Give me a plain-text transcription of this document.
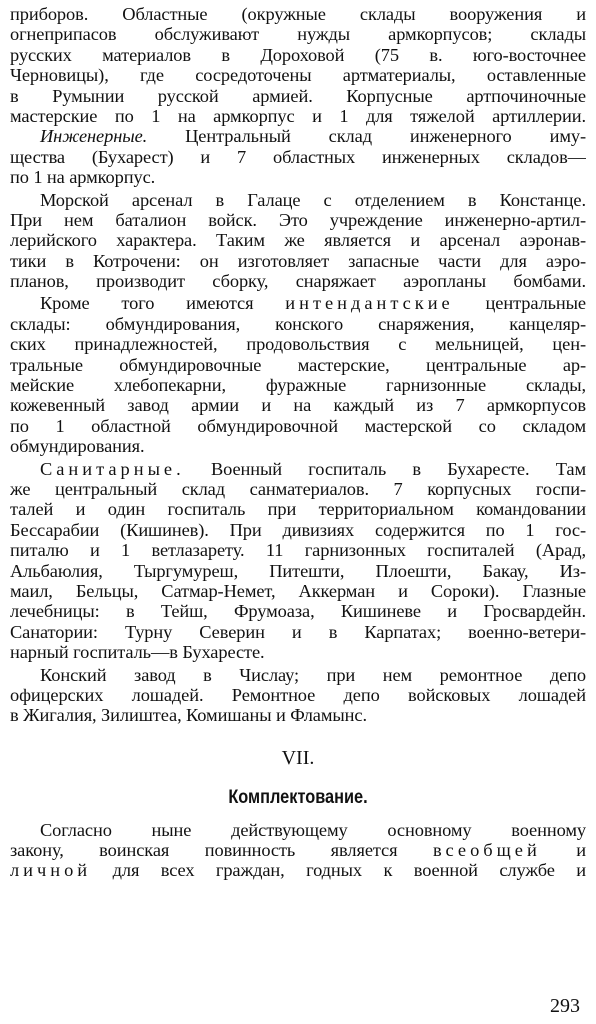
приборов. Областные (окружные склады вооружения и
огнеприпасов обслуживают нужды армкорпусов; склады
русских материалов в Дороховой (75 в. юго-восточнее
Черновицы), где сосредоточены артматериалы, оставленные
в Румынии русской армией. Корпусные артпочиночные
мастерские по 1 на армкорпус и 1 для тяжелой артиллерии.
Инженерные. Центральный склад инженерного иму-
щества (Бухарест) и 7 областных инженерных складов—
по 1 на армкорпус.
Морской арсенал в Галаце с отделением в Констанце.
При нем баталион войск. Это учреждение инженерно-артил-
лерийского характера. Таким же является и арсенал аэронав-
тики в Котрочени: он изготовляет запасные части для аэро-
планов, производит сборку, снаряжает аэропланы бомбами.
Кроме того имеются интендантские центральные
склады: обмундирования, конского снаряжения, канцеляр-
ских принадлежностей, продовольствия с мельницей, цен-
тральные обмундировочные мастерские, центральные ар-
мейские хлебопекарни, фуражные гарнизонные склады,
кожевенный завод армии и на каждый из 7 армкорпусов
по 1 областной обмундировочной мастерской со складом
обмундирования.
Санитарные. Военный госпиталь в Бухаресте. Там
же центральный склад санматериалов. 7 корпусных госпи-
талей и один госпиталь при территориальном командовании
Бессарабии (Кишинев). При дивизиях содержится по 1 гос-
питалю и 1 ветлазарету. 11 гарнизонных госпиталей (Арад,
Альбаюлия, Тыргумуреш, Питешти, Плоешти, Бакау, Из-
маил, Бельцы, Сатмар-Немет, Аккерман и Сороки). Глазные
лечебницы: в Тейш, Фрумоаза, Кишиневе и Гросвардейн.
Санатории: Турну Северин и в Карпатах; военно-ветери-
нарный госпиталь—в Бухаресте.
Конский завод в Числау; при нем ремонтное депо
офицерских лошадей. Ремонтное депо войсковых лошадей
в Жигалия, Зилиштеа, Комишаны и Фламынс.
VII.
Комплектование.
Согласно ныне действующему основному военному
закону, воинская повинность является всеобщей и
личной для всех граждан, годных к военной службе и
293
